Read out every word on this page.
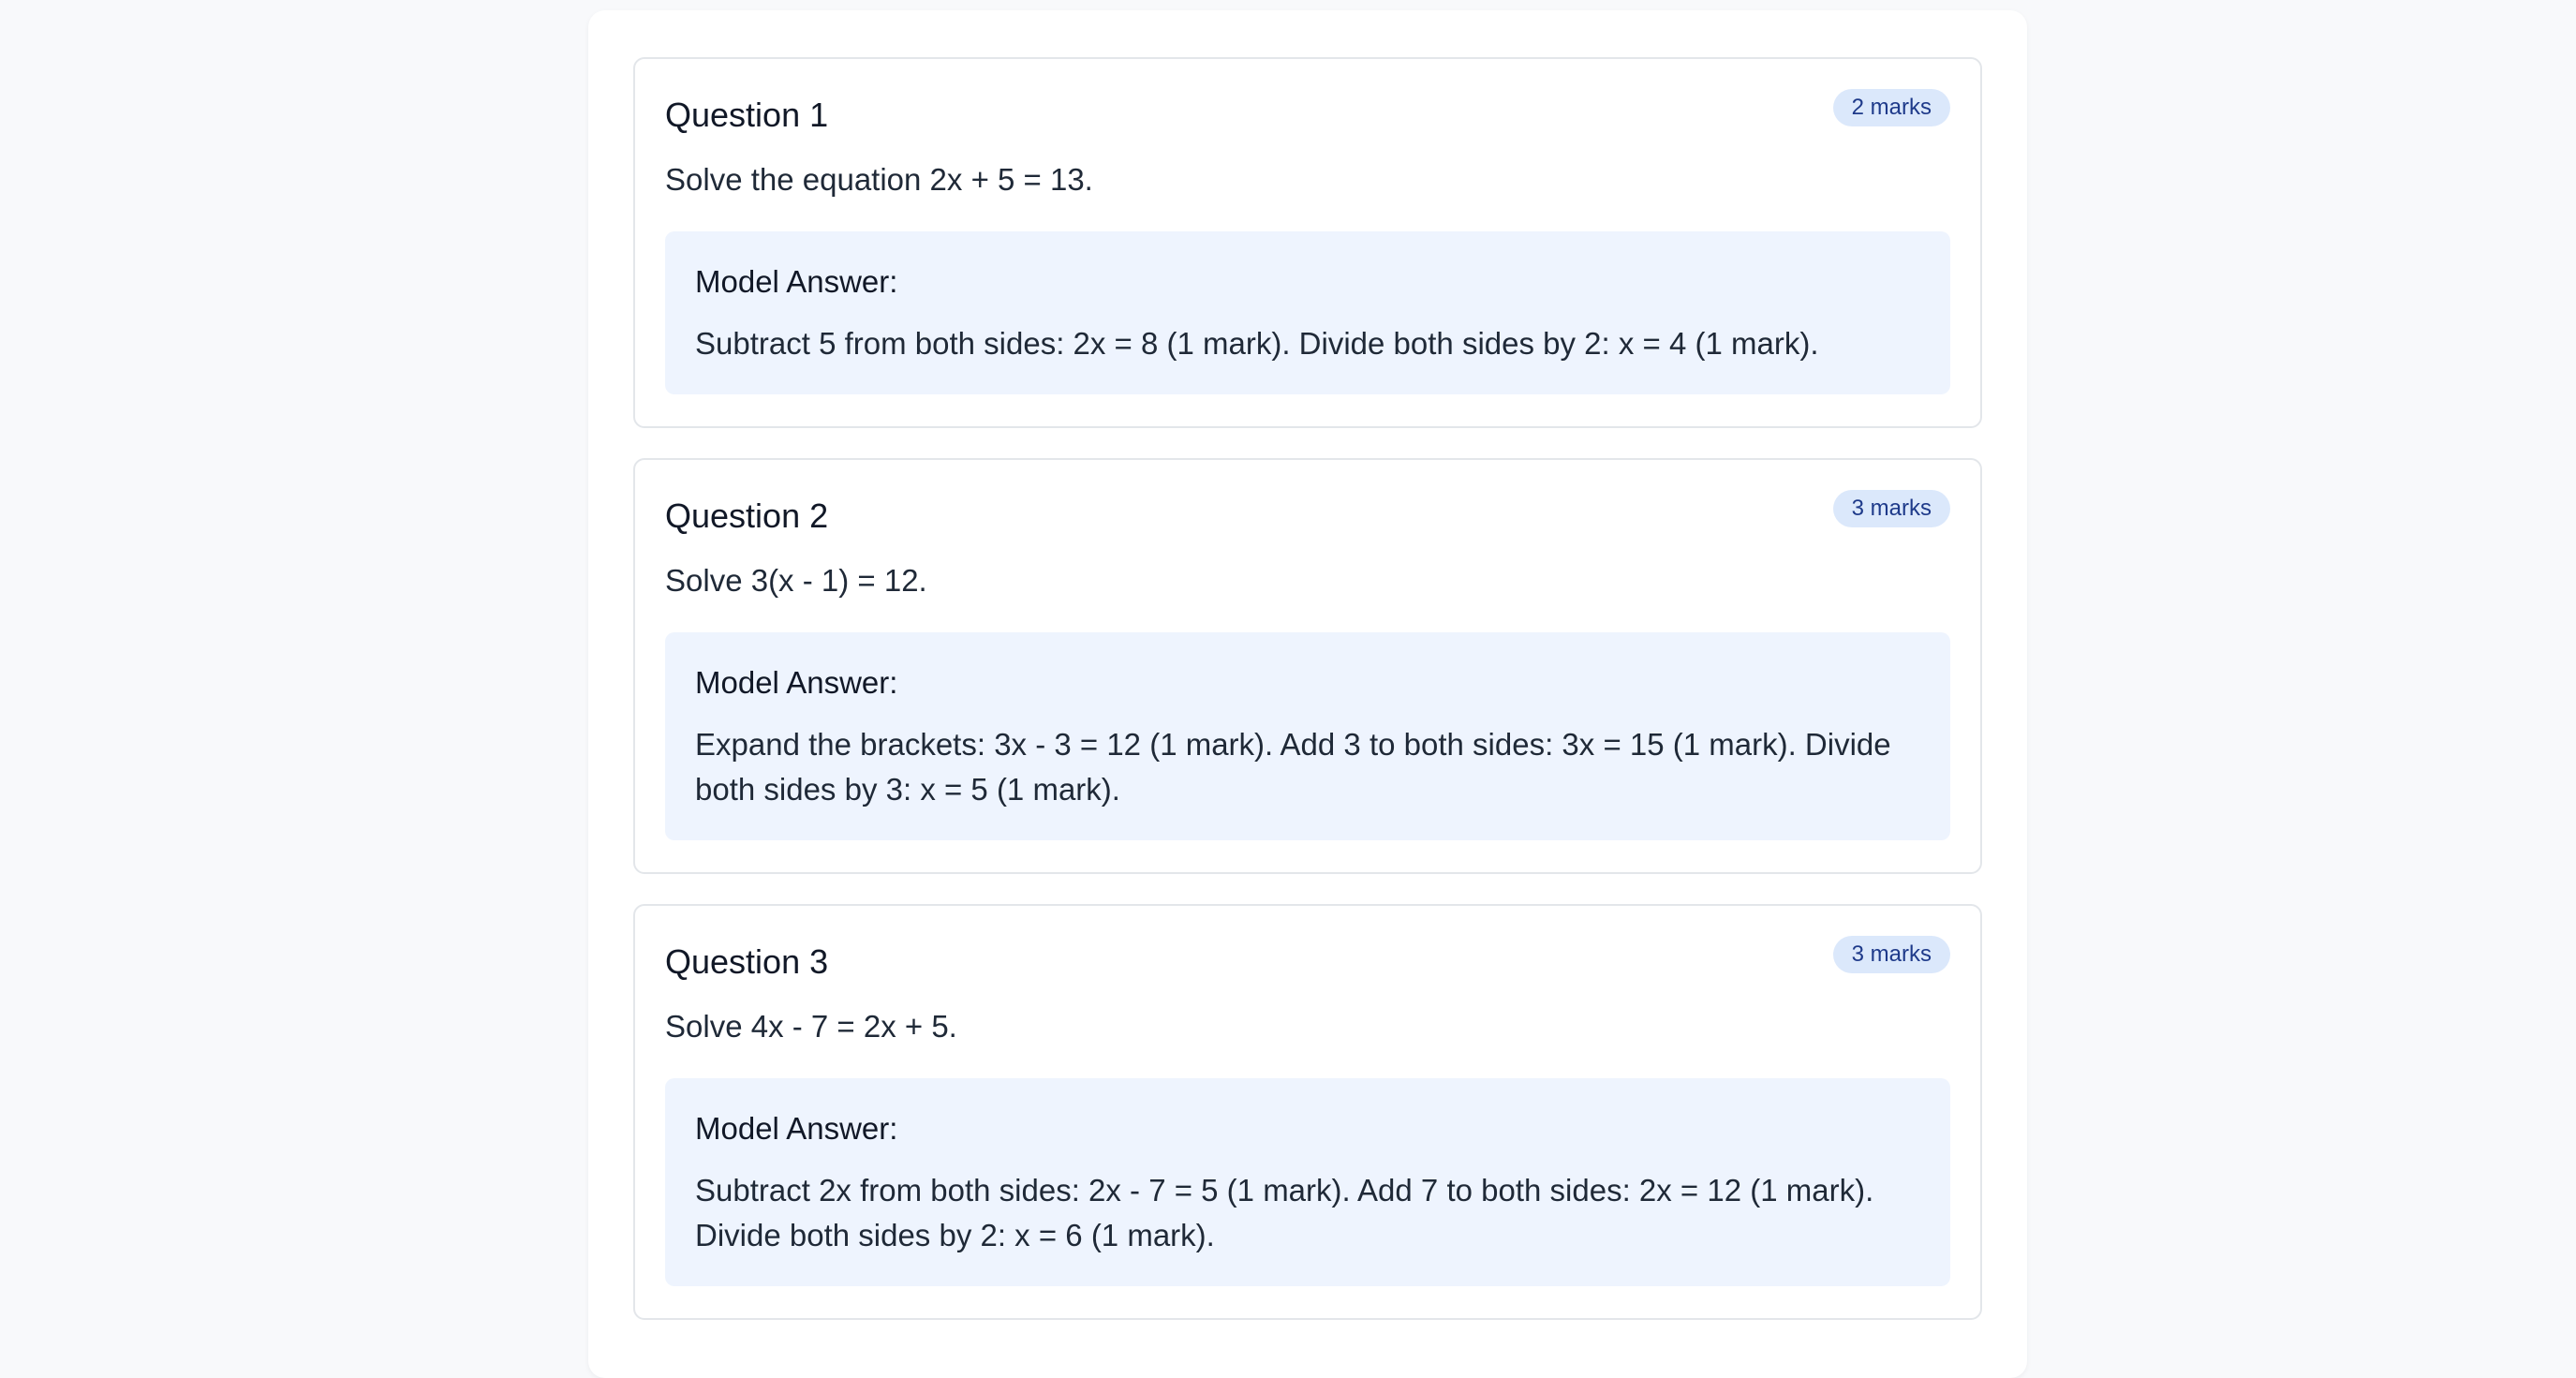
Question 1	2 marks

Solve the equation 2x + 5 = 13.

Model Answer:

Subtract 5 from both sides: 2x = 8 (1 mark). Divide both sides by 2: x = 4 (1 mark).

Question 2	3 marks

Solve 3(x - 1) = 12.

Model Answer:

Expand the brackets: 3x - 3 = 12 (1 mark). Add 3 to both sides: 3x = 15 (1 mark). Divide both sides by 3: x = 5 (1 mark).

Question 3	3 marks

Solve 4x - 7 = 2x + 5.

Model Answer:

Subtract 2x from both sides: 2x - 7 = 5 (1 mark). Add 7 to both sides: 2x = 12 (1 mark). Divide both sides by 2: x = 6 (1 mark).
